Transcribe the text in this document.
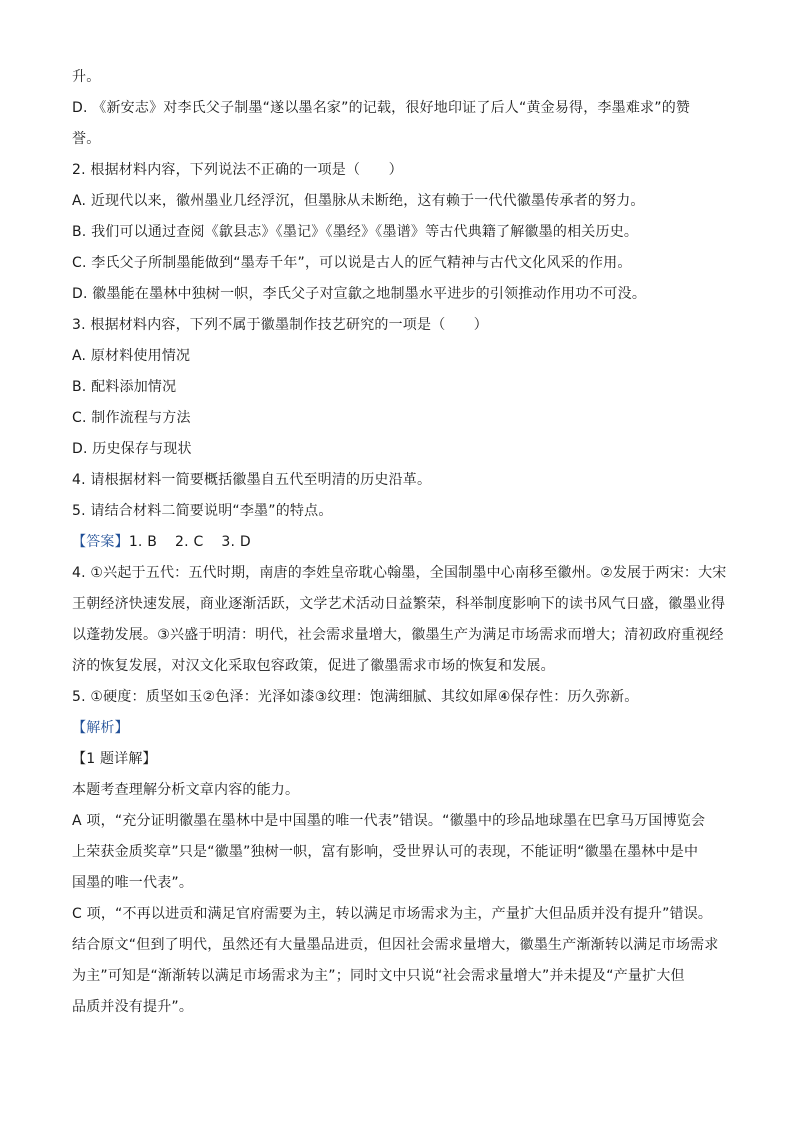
升。
D. 《新安志》对李氏父子制墨“遂以墨名家”的记载，很好地印证了后人“黄金易得，李墨难求”的赞
誉。
2. 根据材料内容，下列说法不正确的一项是（　　）
A. 近现代以来，徽州墨业几经浮沉，但墨脉从未断绝，这有赖于一代代徽墨传承者的努力。
B. 我们可以通过查阅《歙县志》《墨记》《墨经》《墨谱》等古代典籍了解徽墨的相关历史。
C. 李氏父子所制墨能做到“墨寿千年”，可以说是古人的匠气精神与古代文化风采的作用。
D. 徽墨能在墨林中独树一帜，李氏父子对宣歙之地制墨水平进步的引领推动作用功不可没。
3. 根据材料内容，下列不属于徽墨制作技艺研究的一项是（　　）
A. 原材料使用情况
B. 配料添加情况
C. 制作流程与方法
D. 历史保存与现状
4. 请根据材料一简要概括徽墨自五代至明清的历史沿革。
5. 请结合材料二简要说明“李墨”的特点。
【答案】1. B 2. C 3. D
4. ①兴起于五代：五代时期，南唐的李姓皇帝耽心翰墨，全国制墨中心南移至徽州。②发展于两宋：大宋
王朝经济快速发展，商业逐渐活跃，文学艺术活动日益繁荣，科举制度影响下的读书风气日盛，徽墨业得
以蓬勃发展。③兴盛于明清：明代，社会需求量增大，徽墨生产为满足市场需求而增大；清初政府重视经
济的恢复发展，对汉文化采取包容政策，促进了徽墨需求市场的恢复和发展。
5. ①硬度：质坚如玉②色泽：光泽如漆③纹理：饱满细腻、其纹如犀④保存性：历久弥新。
【解析】
【1 题详解】
本题考查理解分析文章内容的能力。
A 项，“充分证明徽墨在墨林中是中国墨的唯一代表”错误。“徽墨中的珍品地球墨在巴拿马万国博览会
上荣获金质奖章”只是“徽墨”独树一帜，富有影响，受世界认可的表现，不能证明“徽墨在墨林中是中
国墨的唯一代表”。
C 项，“不再以进贡和满足官府需要为主，转以满足市场需求为主，产量扩大但品质并没有提升”错误。
结合原文“但到了明代，虽然还有大量墨品进贡，但因社会需求量增大，徽墨生产渐渐转以满足市场需求
为主”可知是“渐渐转以满足市场需求为主”；同时文中只说“社会需求量增大”并未提及“产量扩大但
品质并没有提升”。
